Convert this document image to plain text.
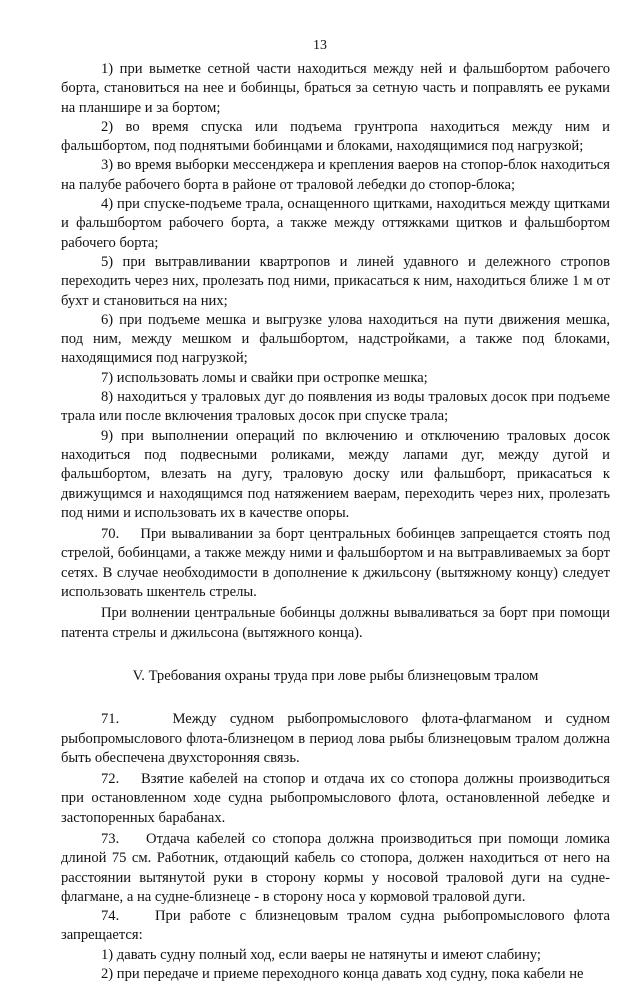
13

1) при выметке сетной части находиться между ней и фальшбортом рабочего борта, становиться на нее и бобинцы, браться за сетную часть и поправлять ее руками на планшире и за бортом;

2) во время спуска или подъема грунтропа находиться между ним и фальшбортом, под поднятыми бобинцами и блоками, находящимися под нагрузкой;

3) во время выборки мессенджера и крепления ваеров на стопор-блок находиться на палубе рабочего борта в районе от траловой лебедки до стопор-блока;

4) при спуске-подъеме трала, оснащенного щитками, находиться между щитками и фальшбортом рабочего борта, а также между оттяжками щитков и фальшбортом рабочего борта;

5) при вытравливании квартропов и линей удавного и дележного стропов переходить через них, пролезать под ними, прикасаться к ним, находиться ближе 1 м от бухт и становиться на них;

6) при подъеме мешка и выгрузке улова находиться на пути движения мешка, под ним, между мешком и фальшбортом, надстройками, а также под блоками, находящимися под нагрузкой;

7) использовать ломы и свайки при остропке мешка;

8) находиться у траловых дуг до появления из воды траловых досок при подъеме трала или после включения траловых досок при спуске трала;

9) при выполнении операций по включению и отключению траловых досок находиться под подвесными роликами, между лапами дуг, между дугой и фальшбортом, влезать на дугу, траловую доску или фальшборт, прикасаться к движущимся и находящимся под натяжением ваерам, переходить через них, пролезать под ними и использовать их в качестве опоры.

70.    При вываливании за борт центральных бобинцев запрещается стоять под стрелой, бобинцами, а также между ними и фальшбортом и на вытравливаемых за борт сетях. В случае необходимости в дополнение к джильсону (вытяжному концу) следует использовать шкентель стрелы.

При волнении центральные бобинцы должны вываливаться за борт при помощи патента стрелы и джильсона (вытяжного конца).

V. Требования охраны труда при лове рыбы близнецовым тралом

71.    Между судном рыбопромыслового флота-флагманом и судном рыбопромыслового флота-близнецом в период лова рыбы близнецовым тралом должна быть обеспечена двухсторонняя связь.

72.    Взятие кабелей на стопор и отдача их со стопора должны производиться при остановленном ходе судна рыбопромыслового флота, остановленной лебедке и застопоренных барабанах.

73.    Отдача кабелей со стопора должна производиться при помощи ломика длиной 75 см. Работник, отдающий кабель со стопора, должен находиться от него на расстоянии вытянутой руки в сторону кормы у носовой траловой дуги на судне-флагмане, а на судне-близнеце - в сторону носа у кормовой траловой дуги.

74.    При работе с близнецовым тралом судна рыбопромыслового флота запрещается:

1) давать судну полный ход, если ваеры не натянуты и имеют слабину;

2) при передаче и приеме переходного конца давать ход судну, пока кабели не
